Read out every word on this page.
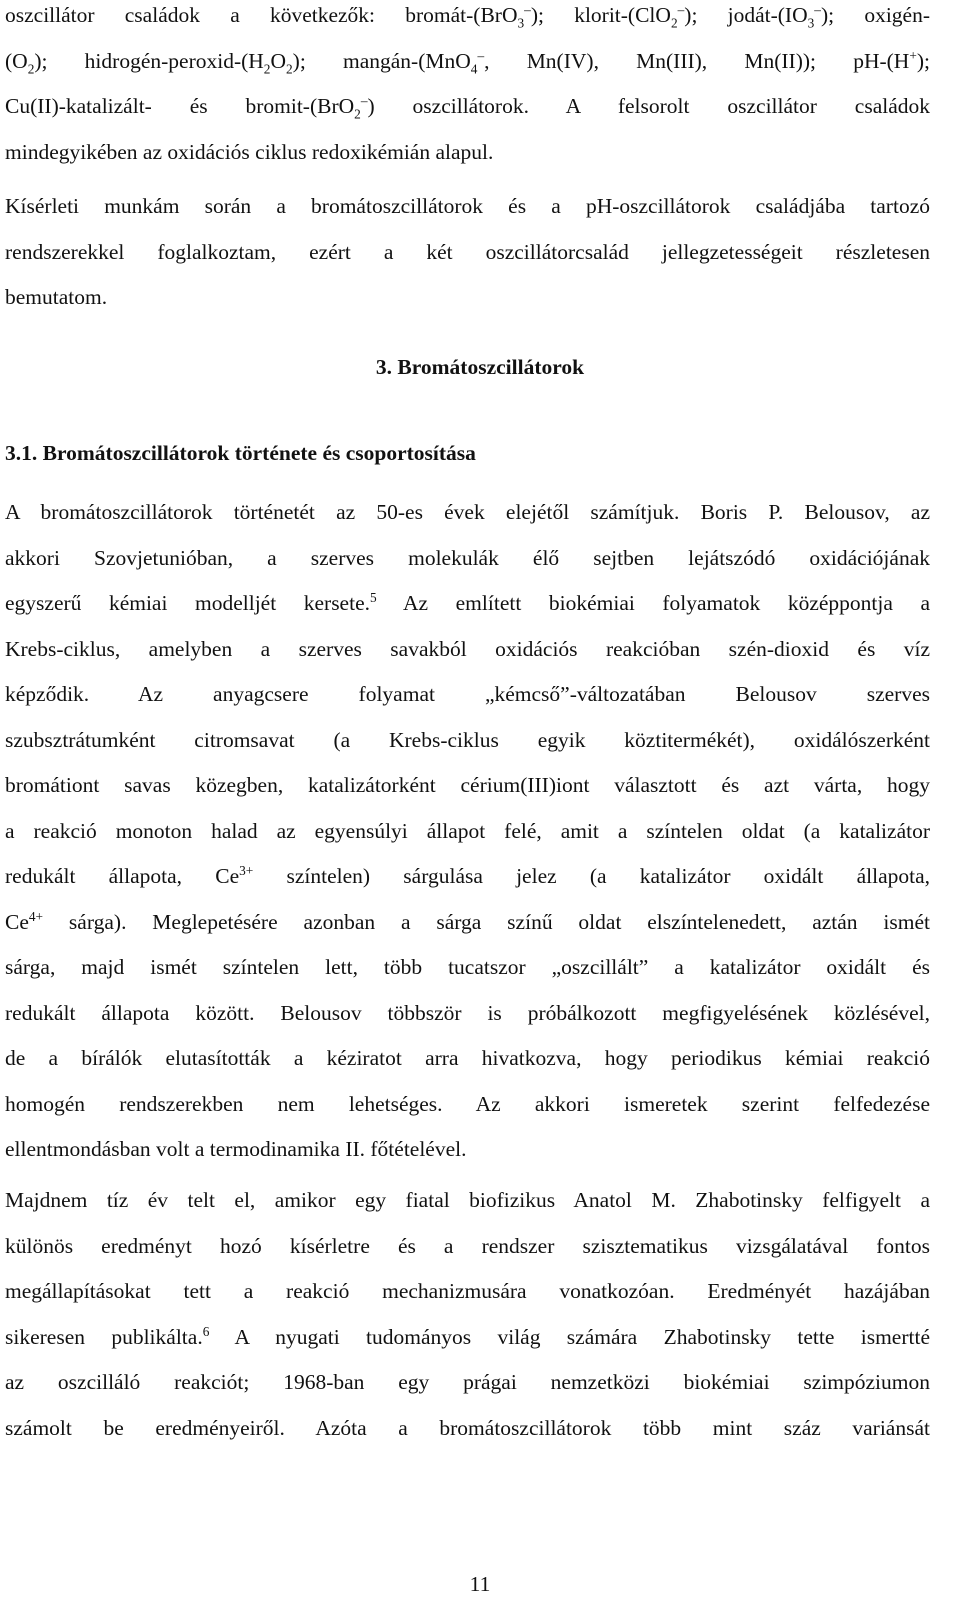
oszcillátor családok a következők: bromát-(BrO$_3$–); klorit-(ClO$_2$–); jodát-$(IO_3^-)$; oxigén-
$(O_2)$; hidrogén-$peroxid-(H_2O_2)$; mangán-(MnO$_4$–, Mn(IV), Mn(III), Mn(II)); pH-(H+);
Cu(II)-katalizált- és bromit-(BrO$_2$–) oszcillátorok. A felsorolt oszcillátor családok
mindegyikében az oxidációs ciklus redoxikémián alapul.
Kísérleti munkám során a bromátoszcillátorok és a pH-oszcillátorok családjába tartozó
rendszerekkel foglalkoztam, ezért a két oszcillátorcsalád jellegzetességeit részletesen
bemutatom.
3. Bromátoszcillátorok
3.1. Bromátoszcillátorok története és csoportosítása
A bromátoszcillátorok történetét az 50-es évek elejétől számítjuk. Boris P. Belousov, az
akkori Szovjetunióban, a szerves molekulák élő sejtben lejátszódó oxidációjának
egyszerű kémiai modelljét kersete.$^5$ Az említett biokémiai folyamatok középpontja a
Krebs-ciklus, amelyben a szerves savakból oxidációs reakcióban szén-dioxid és víz
képződik. Az anyagcsere folyamat „kémcső”-változatában Belousov szerves
szubsztrátumként citromsavat (a Krebs-ciklus egyik köztitermékét), oxidálószerként
bromátiont savas közegben, katalizátorként cérium(III)iont választott és azt várta, hogy
a reakció monoton halad az egyensúlyi állapot felé, amit a színtelen oldat (a katalizátor
redukált állapota, $Ce^{3+}$ színtelen) sárgulása jelez (a katalizátor oxidált állapota,
$Ce^{4+}$ sárga). Meglepetésére azonban a sárga színű oldat elszíntelenedett, aztán ismét
sárga, majd ismét színtelen lett, több tucatszor „oszcillált” a katalizátor oxidált és
redukált állapota között. Belousov többször is próbálkozott megfigyelésének közlésével,
de a bírálók elutasították a kéziratot arra hivatkozva, hogy periodikus kémiai reakció
homogén rendszerekben nem lehetséges. Az akkori ismeretek szerint felfedezése
ellentmondásban volt a termodinamika II. főtételével.
Majdnem tíz év telt el, amikor egy fiatal biofizikus Anatol M. Zhabotinsky felfigyelt a
különös eredményt hozó kísérletre és a rendszer szisztematikus vizsgálatával fontos
megállapításokat tett a reakció mechanizmusára vonatkozóan. Eredményét hazájában
sikeresen publikálta.$^6$ A nyugati tudományos világ számára Zhabotinsky tette ismertté
az oszcilláló reakciót; 1968-ban egy prágai nemzetközi biokémiai szimpóziumon
számolt be eredményeiről. Azóta a bromátoszcillátorok több mint száz variánsát
11
